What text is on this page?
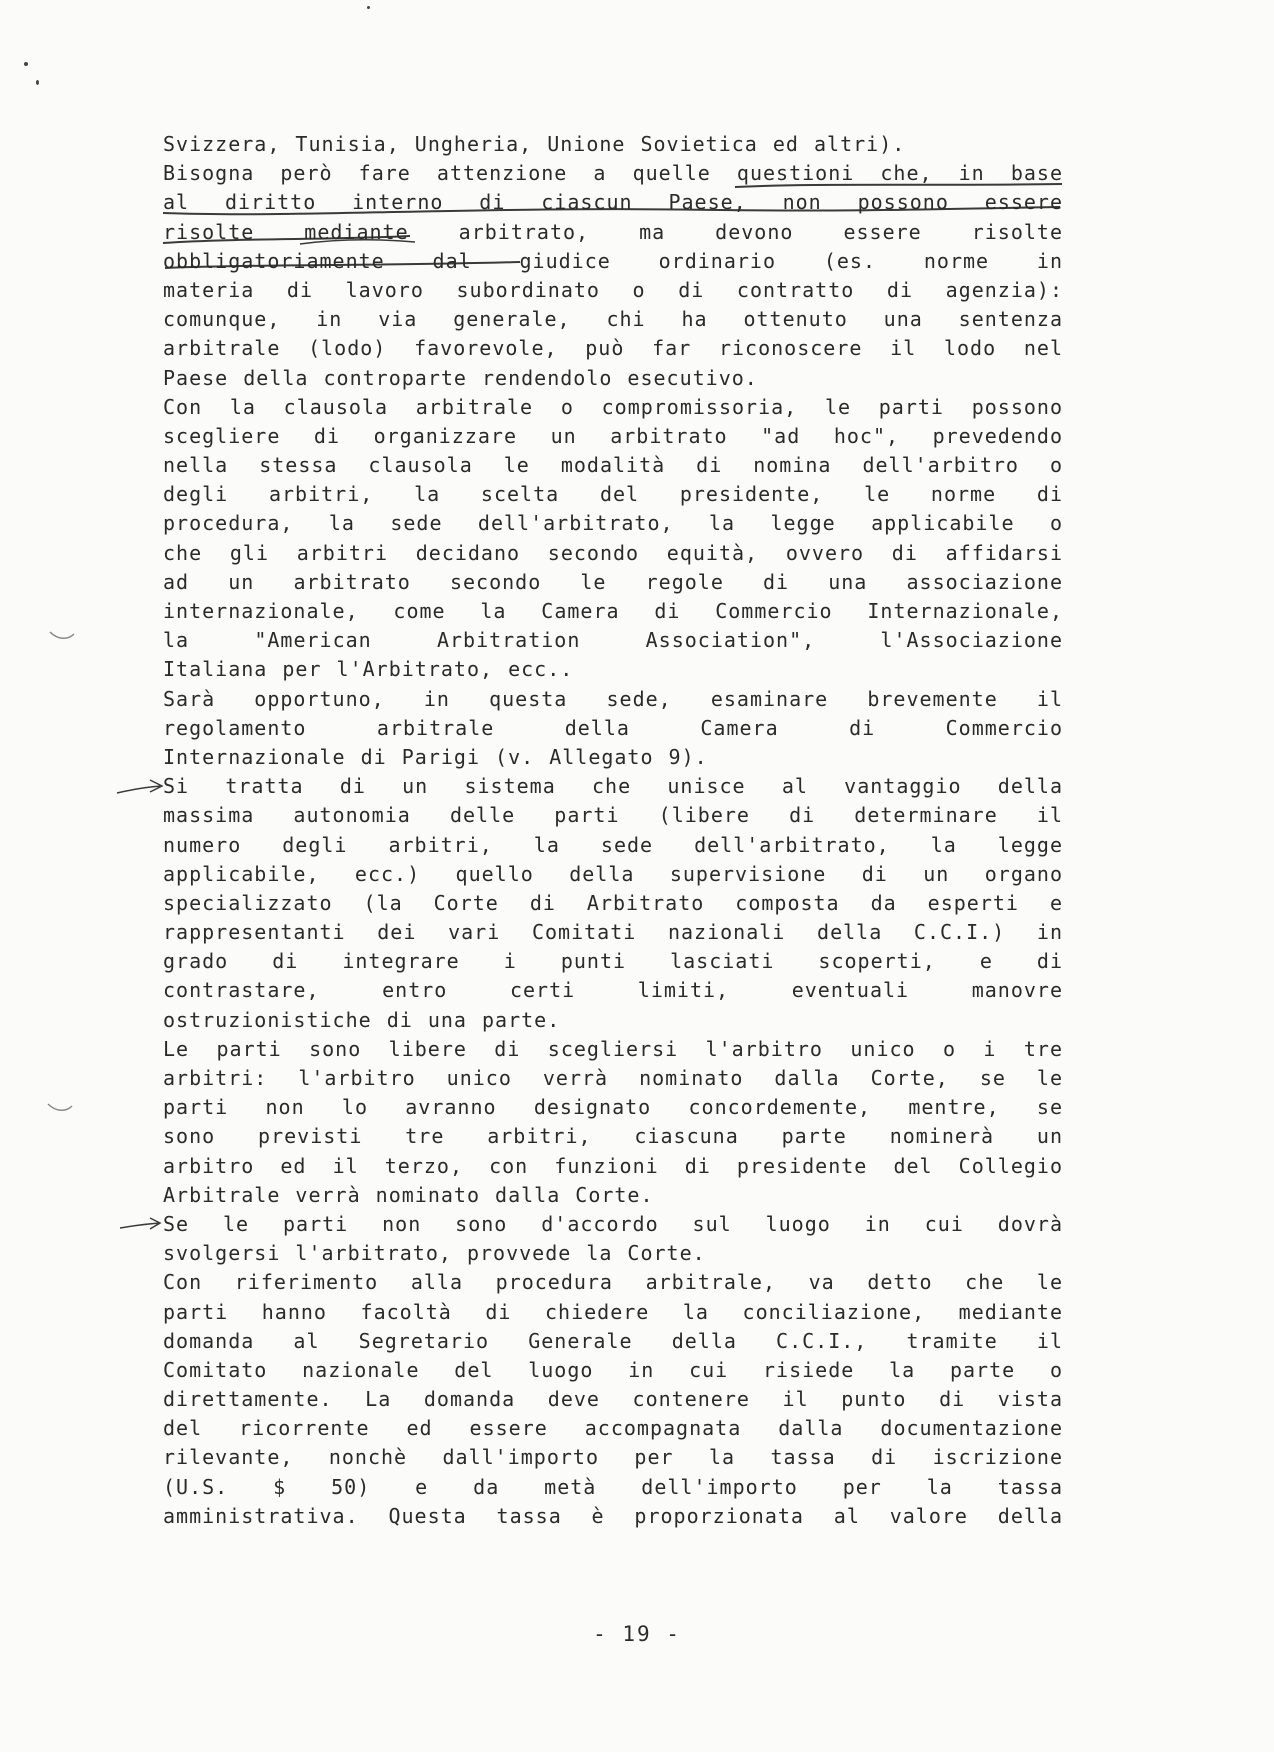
Svizzera, Tunisia, Ungheria, Unione Sovietica ed altri).
Bisogna però fare attenzione a quelle questioni che, in base
al diritto interno di ciascun Paese, non possono essere
risolte mediante arbitrato, ma devono essere risolte
obbligatoriamente dal giudice ordinario (es. norme in
materia di lavoro subordinato o di contratto di agenzia):
comunque, in via generale, chi ha ottenuto una sentenza
arbitrale (lodo) favorevole, può far riconoscere il lodo nel
Paese della controparte rendendolo esecutivo.
Con la clausola arbitrale o compromissoria, le parti possono
scegliere di organizzare un arbitrato "ad hoc", prevedendo
nella stessa clausola le modalità di nomina dell'arbitro o
degli arbitri, la scelta del presidente, le norme di
procedura, la sede dell'arbitrato, la legge applicabile o
che gli arbitri decidano secondo equità, ovvero di affidarsi
ad un arbitrato secondo le regole di una associazione
internazionale, come la Camera di Commercio Internazionale,
la "American Arbitration Association", l'Associazione
Italiana per l'Arbitrato, ecc..
Sarà opportuno, in questa sede, esaminare brevemente il
regolamento arbitrale della Camera di Commercio
Internazionale di Parigi (v. Allegato 9).
Si tratta di un sistema che unisce al vantaggio della
massima autonomia delle parti (libere di determinare il
numero degli arbitri, la sede dell'arbitrato, la legge
applicabile, ecc.) quello della supervisione di un organo
specializzato (la Corte di Arbitrato composta da esperti e
rappresentanti dei vari Comitati nazionali della C.C.I.) in
grado di integrare i punti lasciati scoperti, e di
contrastare, entro certi limiti, eventuali manovre
ostruzionistiche di una parte.
Le parti sono libere di scegliersi l'arbitro unico o i tre
arbitri: l'arbitro unico verrà nominato dalla Corte, se le
parti non lo avranno designato concordemente, mentre, se
sono previsti tre arbitri, ciascuna parte nominerà un
arbitro ed il terzo, con funzioni di presidente del Collegio
Arbitrale verrà nominato dalla Corte.
Se le parti non sono d'accordo sul luogo in cui dovrà
svolgersi l'arbitrato, provvede la Corte.
Con riferimento alla procedura arbitrale, va detto che le
parti hanno facoltà di chiedere la conciliazione, mediante
domanda al Segretario Generale della C.C.I., tramite il
Comitato nazionale del luogo in cui risiede la parte o
direttamente. La domanda deve contenere il punto di vista
del ricorrente ed essere accompagnata dalla documentazione
rilevante, nonchè dall'importo per la tassa di iscrizione
(U.S. $ 50) e da metà dell'importo per la tassa
amministrativa. Questa tassa è proporzionata al valore della
- 19 -
